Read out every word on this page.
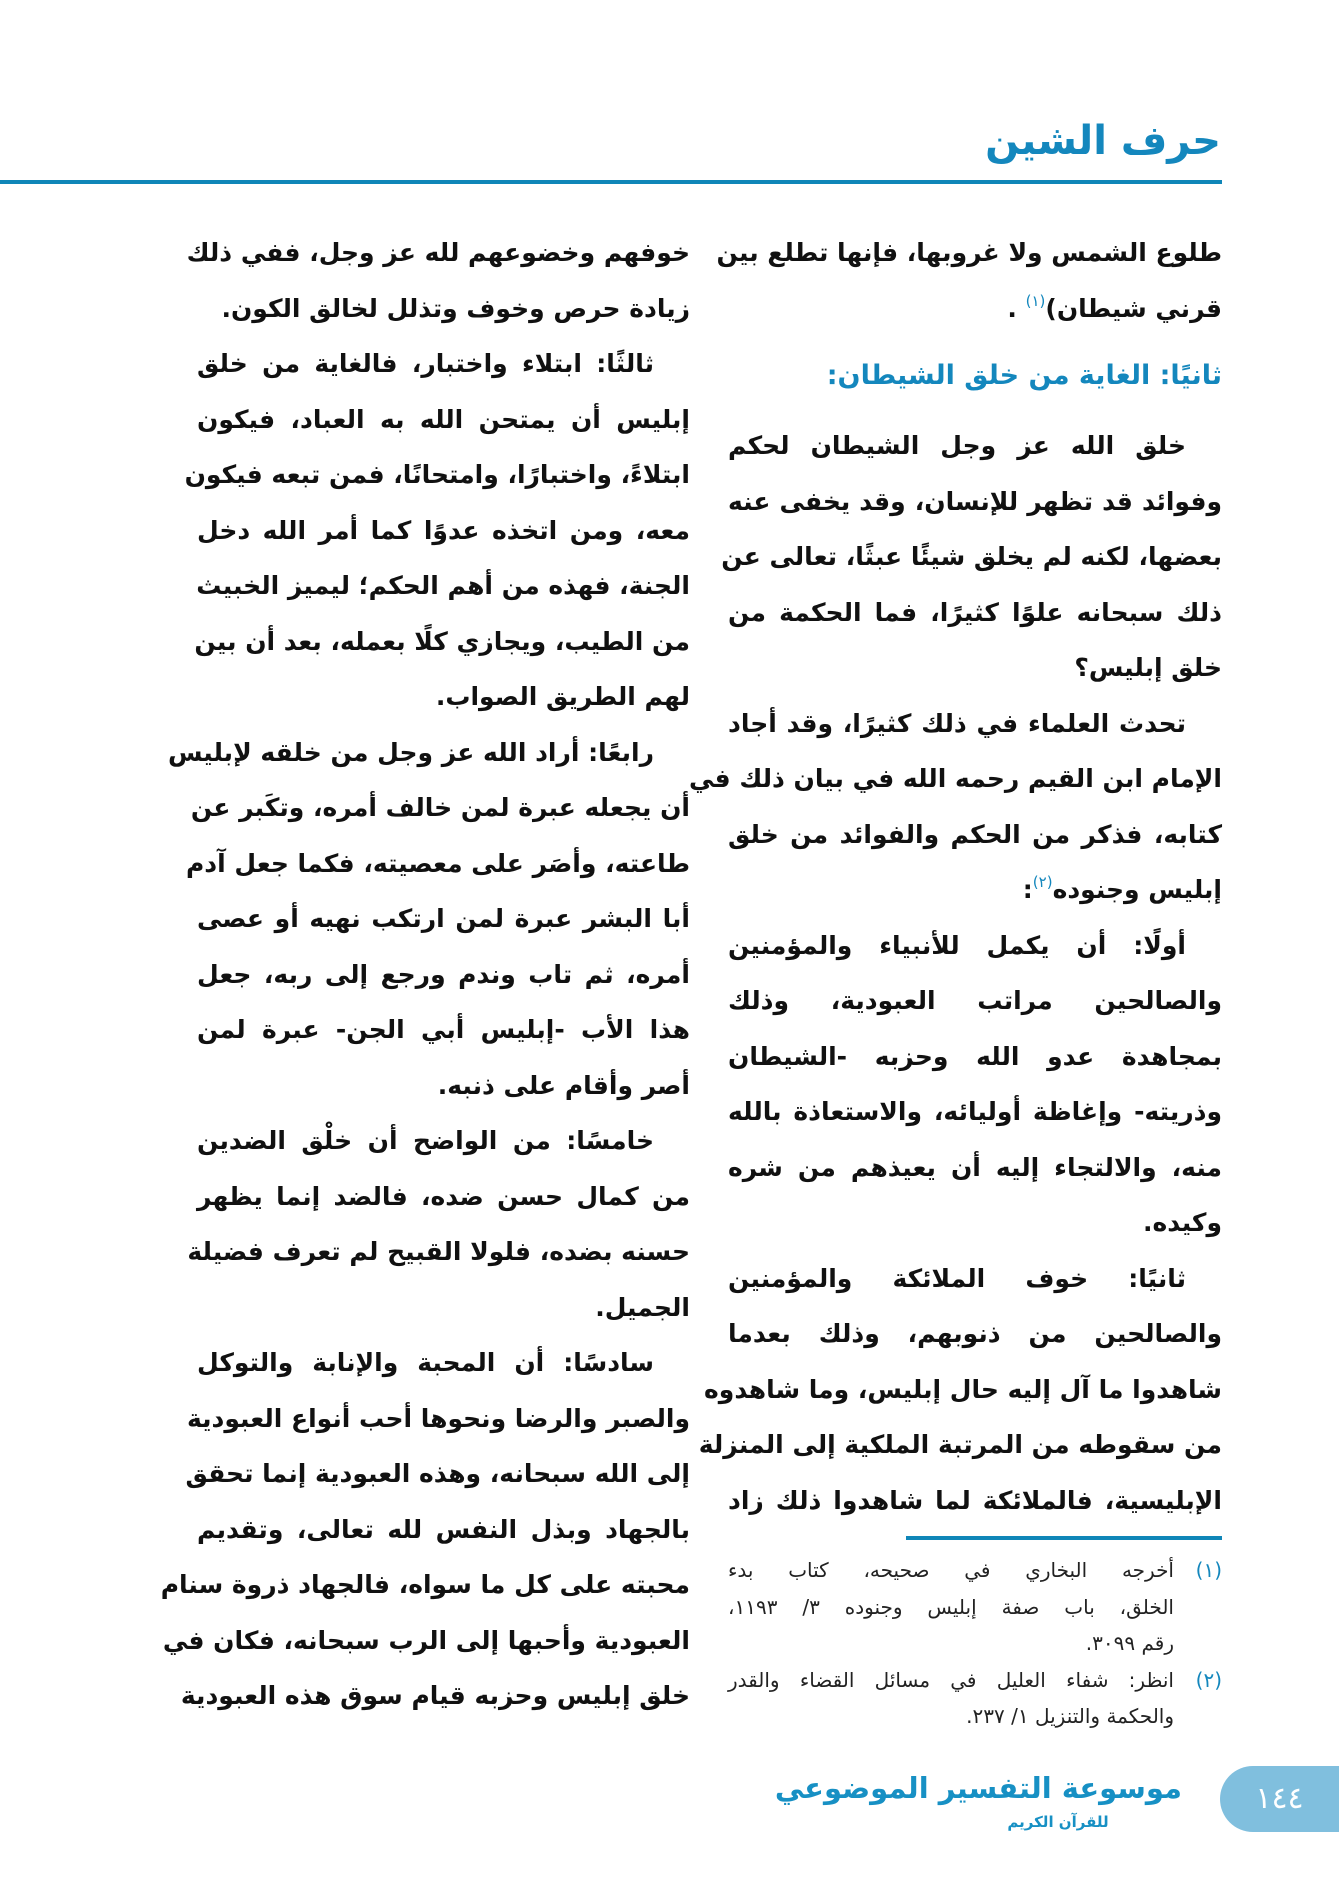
حرف الشين
طلوع الشمس ولا غروبها، فإنها تطلع بين
قرني شيطان)$^{(١)}$ .
ثانيًا: الغاية من خلق الشيطان:
خلق الله عز وجل الشيطان لحكم
وفوائد قد تظهر للإنسان، وقد يخفى عنه
بعضها، لكنه لم يخلق شيئًا عبثًا، تعالى عن
ذلك سبحانه علوًا كثيرًا، فما الحكمة من
خلق إبليس؟
تحدث العلماء في ذلك كثيرًا، وقد أجاد
الإمام ابن القيم رحمه الله في بيان ذلك في
كتابه، فذكر من الحكم والفوائد من خلق
إبليس وجنوده$^{(٢)}$:
أولًا: أن يكمل للأنبياء والمؤمنين
والصالحين مراتب العبودية، وذلك
بمجاهدة عدو الله وحزبه -الشيطان
وذريته- وإغاظة أوليائه، والاستعاذة بالله
منه، والالتجاء إليه أن يعيذهم من شره
وكيده.
ثانيًا: خوف الملائكة والمؤمنين
والصالحين من ذنوبهم، وذلك بعدما
شاهدوا ما آل إليه حال إبليس، وما شاهدوه
من سقوطه من المرتبة الملكية إلى المنزلة
الإبليسية، فالملائكة لما شاهدوا ذلك زاد
خوفهم وخضوعهم لله عز وجل، ففي ذلك
زيادة حرص وخوف وتذلل لخالق الكون.
ثالثًا: ابتلاء واختبار، فالغاية من خلق
إبليس أن يمتحن الله به العباد، فيكون
ابتلاءً، واختبارًا، وامتحانًا، فمن تبعه فيكون
معه، ومن اتخذه عدوًا كما أمر الله دخل
الجنة، فهذه من أهم الحكم؛ ليميز الخبيث
من الطيب، ويجازي كلًا بعمله، بعد أن بين
لهم الطريق الصواب.
رابعًا: أراد الله عز وجل من خلقه لإبليس
أن يجعله عبرة لمن خالف أمره، وتكَبر عن
طاعته، وأصَر على معصيته، فكما جعل آدم
أبا البشر عبرة لمن ارتكب نهيه أو عصى
أمره، ثم تاب وندم ورجع إلى ربه، جعل
هذا الأب -إبليس أبي الجن- عبرة لمن
أصر وأقام على ذنبه.
خامسًا: من الواضح أن خلْق الضدين
من كمال حسن ضده، فالضد إنما يظهر
حسنه بضده، فلولا القبيح لم تعرف فضيلة
الجميل.
سادسًا: أن المحبة والإنابة والتوكل
والصبر والرضا ونحوها أحب أنواع العبودية
إلى الله سبحانه، وهذه العبودية إنما تحقق
بالجهاد وبذل النفس لله تعالى، وتقديم
محبته على كل ما سواه، فالجهاد ذروة سنام
العبودية وأحبها إلى الرب سبحانه، فكان في
خلق إبليس وحزبه قيام سوق هذه العبودية
(١)
أخرجه البخاري في صحيحه، كتاب بدء
الخلق، باب صفة إبليس وجنوده ٣/ ١١٩٣،
رقم ٣٠٩٩.
(٢)
انظر: شفاء العليل في مسائل القضاء والقدر
والحكمة والتنزيل ١/ ٢٣٧.
موسوعة التفسير الموضوعي
للقرآن الكريم
١٤٤
